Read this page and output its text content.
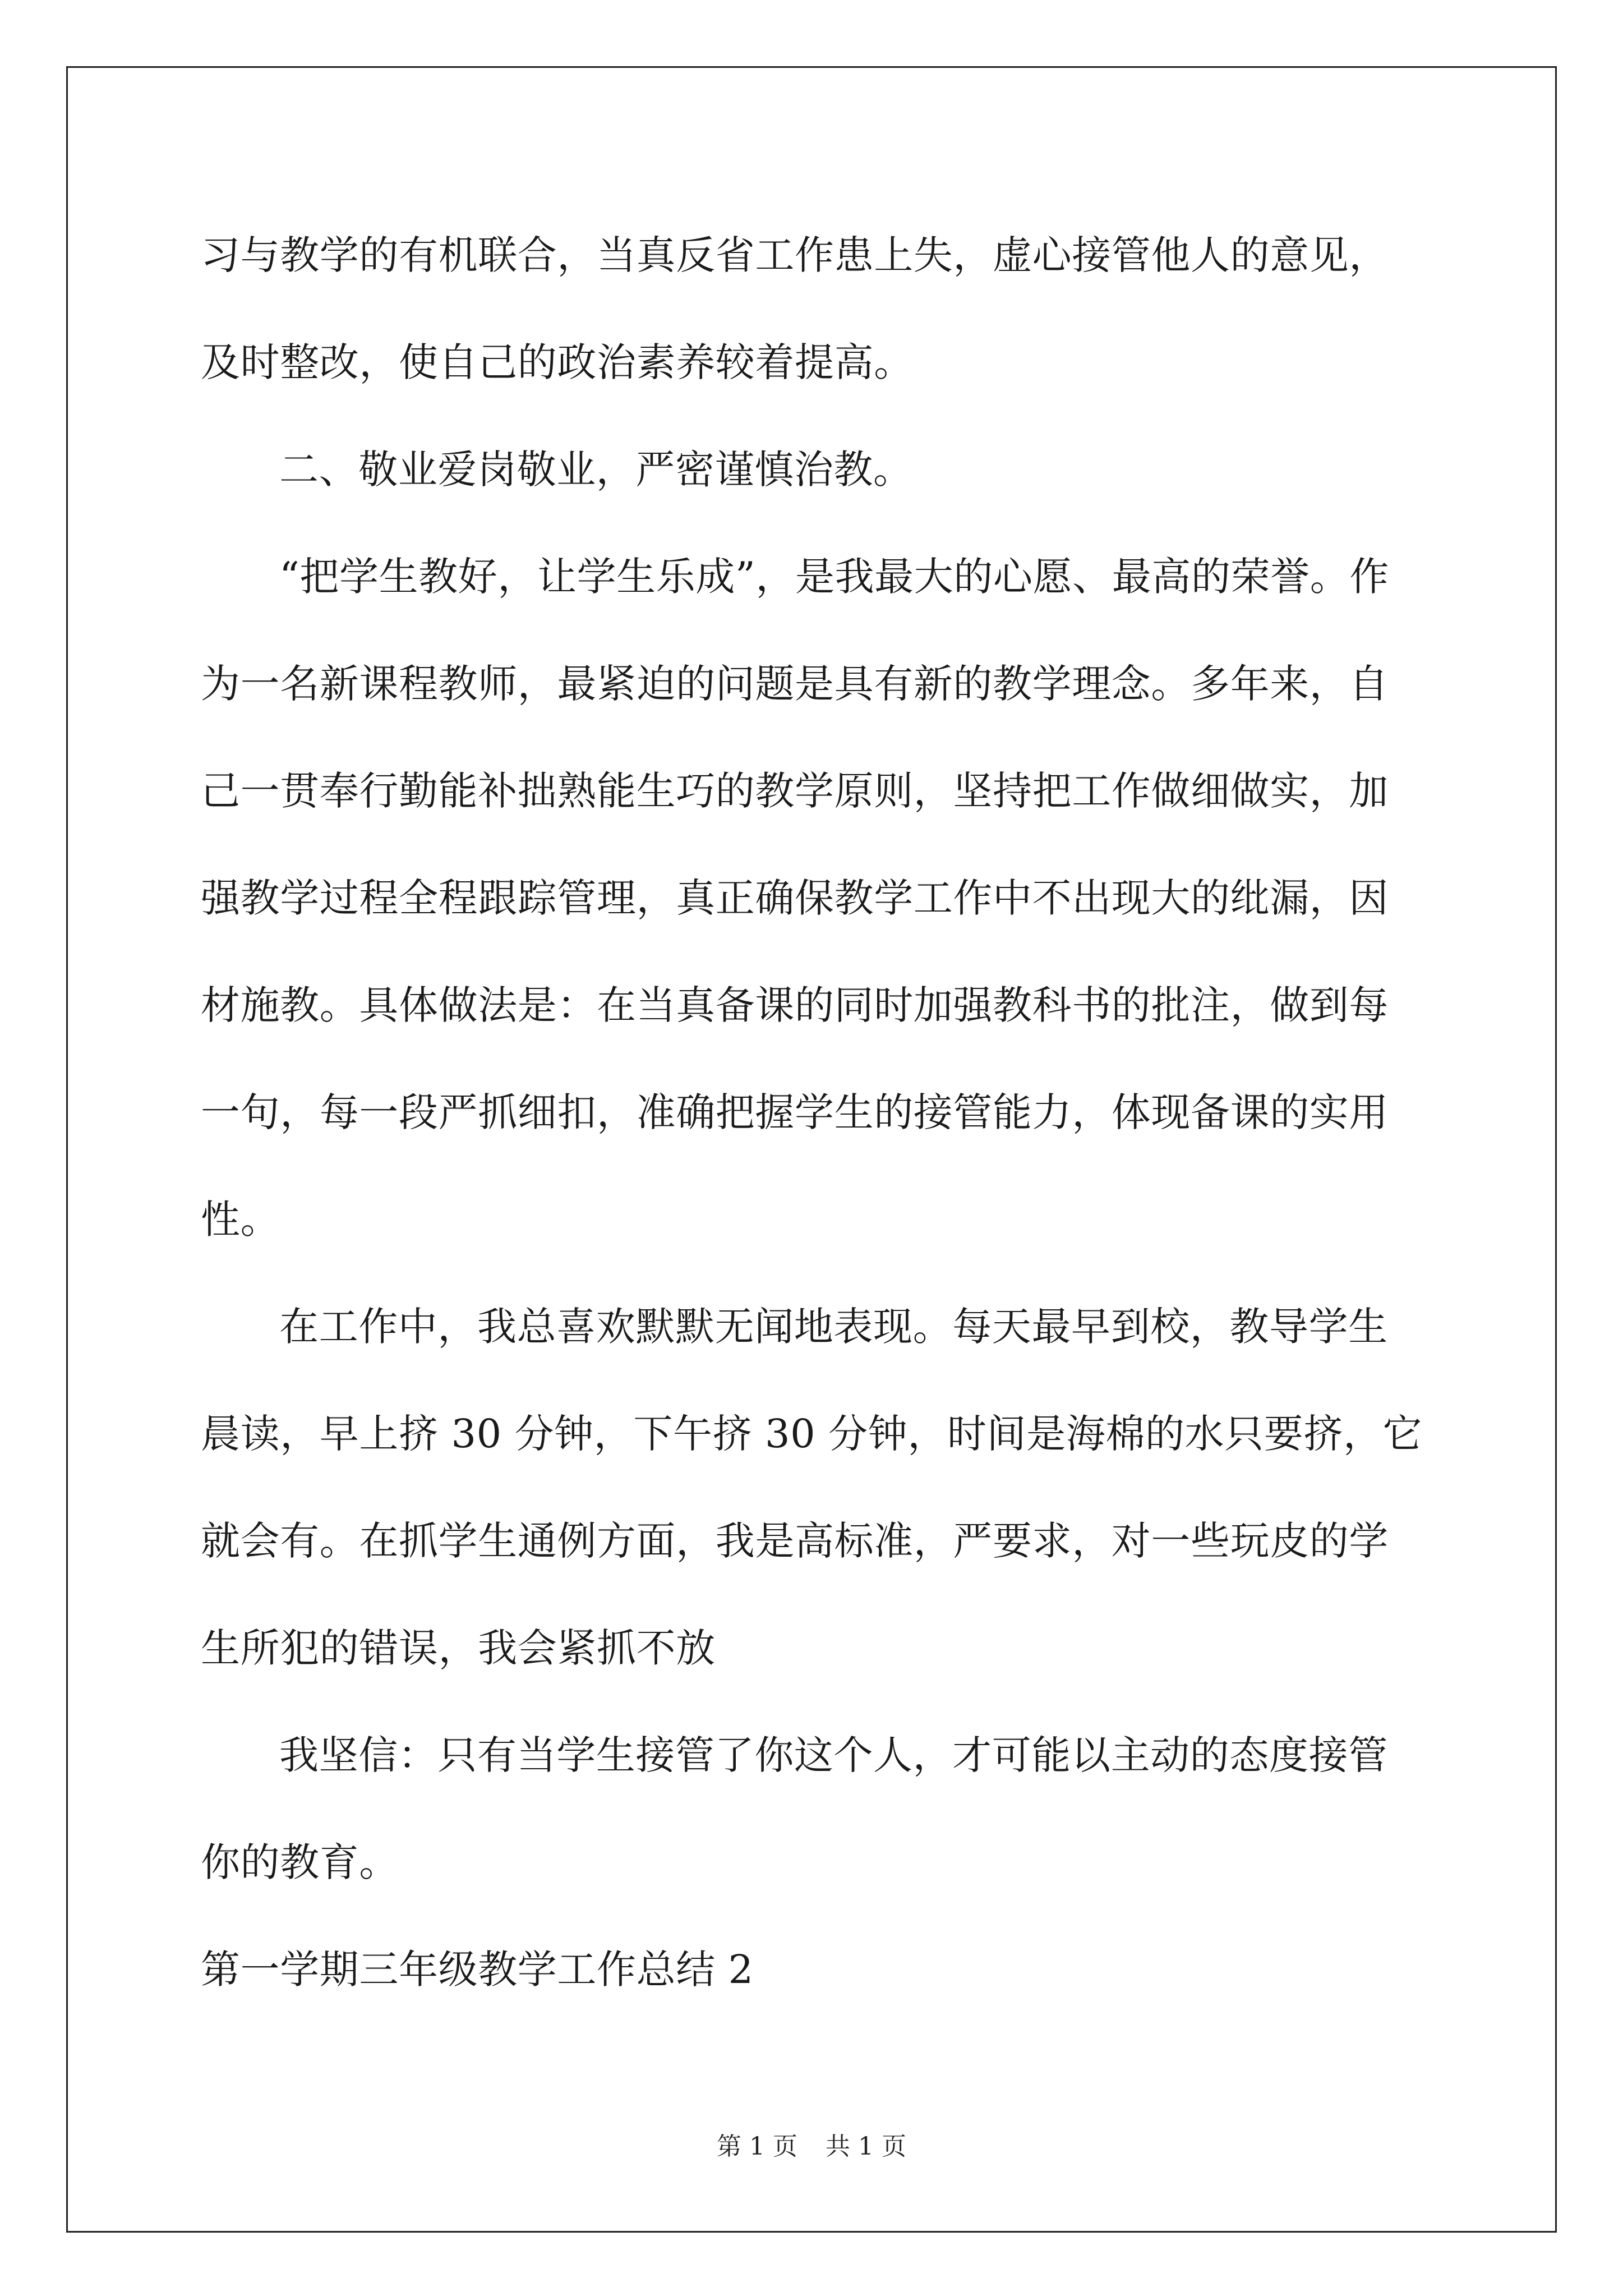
习与教学的有机联合，当真反省工作患上失，虚心接管他人的意见，
及时整改，使自己的政治素养较着提高。

二、敬业爱岗敬业，严密谨慎治教。

“把学生教好，让学生乐成”，是我最大的心愿、最高的荣誉。作
为一名新课程教师，最紧迫的问题是具有新的教学理念。多年来，自
己一贯奉行勤能补拙熟能生巧的教学原则，坚持把工作做细做实，加
强教学过程全程跟踪管理，真正确保教学工作中不出现大的纰漏，因
材施教。具体做法是：在当真备课的同时加强教科书的批注，做到每
一句，每一段严抓细扣，准确把握学生的接管能力，体现备课的实用
性。

在工作中，我总喜欢默默无闻地表现。每天最早到校，教导学生
晨读，早上挤 30 分钟，下午挤 30 分钟，时间是海棉的水只要挤，它
就会有。在抓学生通例方面，我是高标准，严要求，对一些玩皮的学
生所犯的错误，我会紧抓不放

我坚信：只有当学生接管了你这个人，才可能以主动的态度接管
你的教育。

第一学期三年级教学工作总结 2

第 1 页 共 1 页
